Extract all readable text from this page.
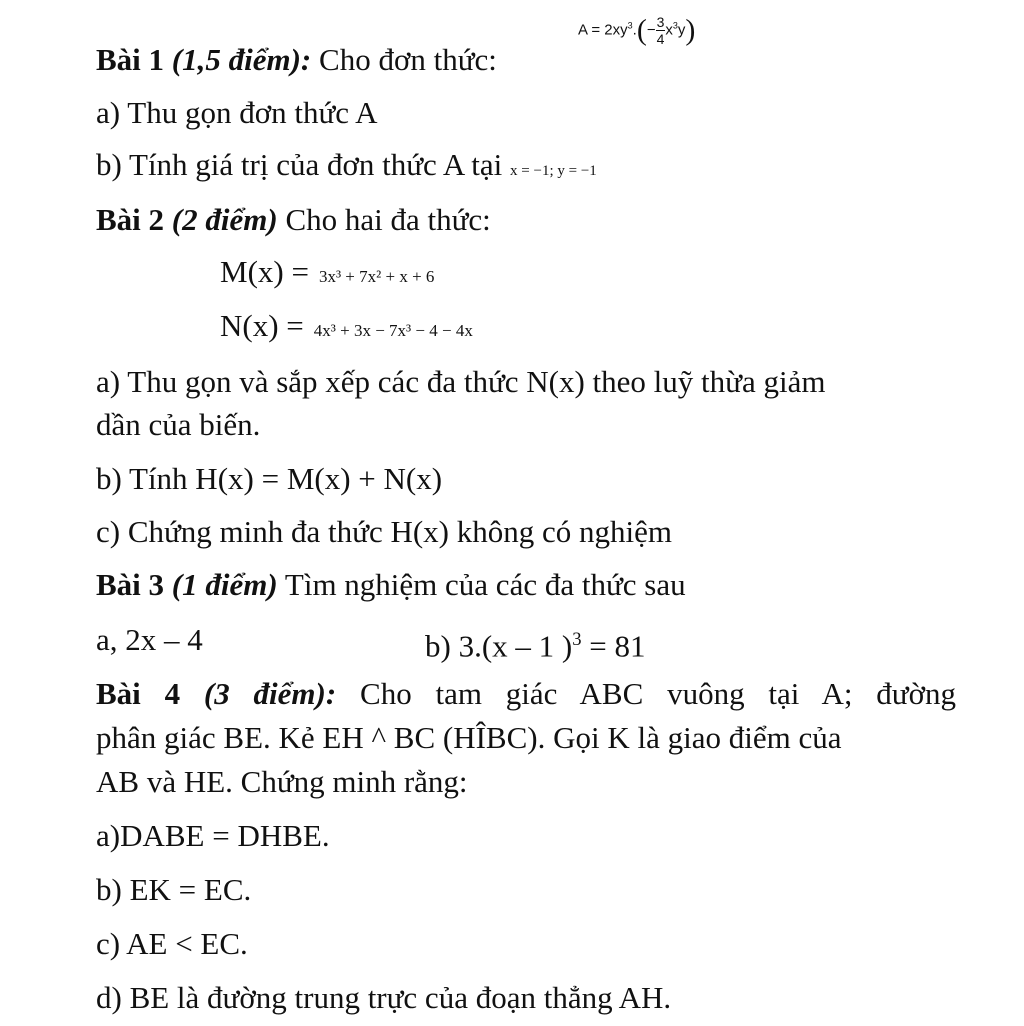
Bài 1 (1,5 điểm): Cho đơn thức:
$A = 2xy^3.(- \frac{3}{4} x^3y)$
a) Thu gọn đơn thức A
b) Tính giá trị của đơn thức A tại x = −1; y = −1
Bài 2 (2 điểm) Cho hai đa thức:
M(x) = 3x³ + 7x² + x + 6
N(x) = 4x³ + 3x − 7x³ − 4 − 4x
a) Thu gọn và sắp xếp các đa thức N(x) theo luỹ thừa giảm
dần của biến.
b) Tính H(x) = M(x) + N(x)
c) Chứng minh đa thức H(x) không có nghiệm
Bài 3 (1 điểm) Tìm nghiệm của các đa thức sau
a, 2x – 4	b) 3.(x – 1 )$^3$ = 81
Bài 4 (3 điểm): Cho tam giác ABC vuông tại A; đường
phân giác BE. Kẻ EH ^ BC (HÎBC). Gọi K là giao điểm của
AB và HE. Chứng minh rằng:
a)DABE = DHBE.
b) EK = EC.
c) AE < EC.
d) BE là đường trung trực của đoạn thẳng AH.
